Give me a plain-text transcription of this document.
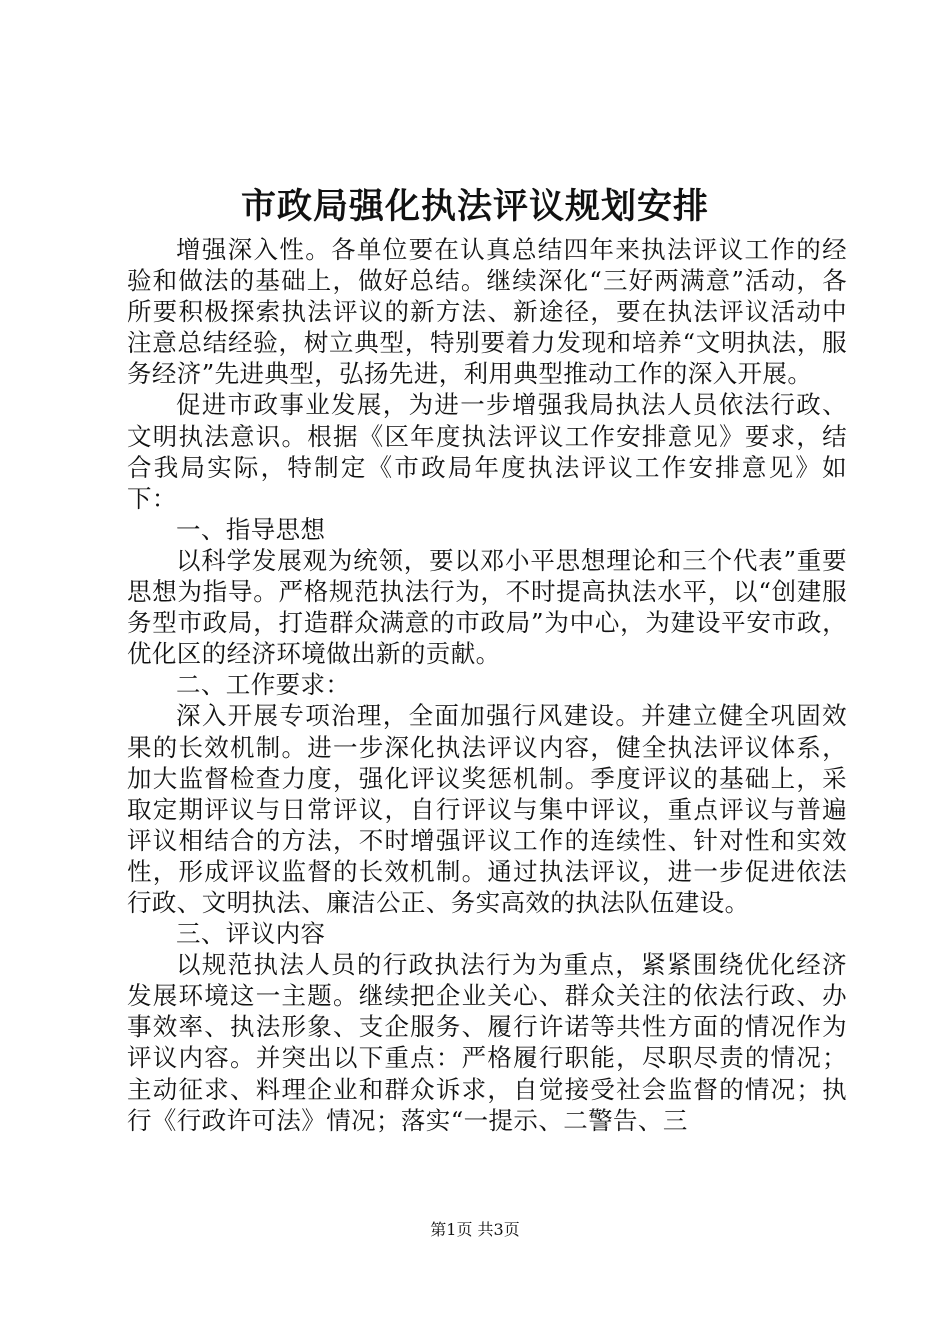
市政局强化执法评议规划安排

增强深入性。各单位要在认真总结四年来执法评议工作的经验和做法的基础上，做好总结。继续深化“三好两满意”活动，各所要积极探索执法评议的新方法、新途径，要在执法评议活动中注意总结经验，树立典型，特别要着力发现和培养“文明执法，服务经济”先进典型，弘扬先进，利用典型推动工作的深入开展。

促进市政事业发展，为进一步增强我局执法人员依法行政、文明执法意识。根据《区年度执法评议工作安排意见》要求，结合我局实际，特制定《市政局年度执法评议工作安排意见》如下：

一、指导思想

以科学发展观为统领，要以邓小平思想理论和三个代表”重要思想为指导。严格规范执法行为，不时提高执法水平，以“创建服务型市政局，打造群众满意的市政局”为中心，为建设平安市政，优化区的经济环境做出新的贡献。

二、工作要求：

深入开展专项治理，全面加强行风建设。并建立健全巩固效果的长效机制。进一步深化执法评议内容，健全执法评议体系，加大监督检查力度，强化评议奖惩机制。季度评议的基础上，采取定期评议与日常评议，自行评议与集中评议，重点评议与普遍评议相结合的方法，不时增强评议工作的连续性、针对性和实效性，形成评议监督的长效机制。通过执法评议，进一步促进依法行政、文明执法、廉洁公正、务实高效的执法队伍建设。

三、评议内容

以规范执法人员的行政执法行为为重点，紧紧围绕优化经济发展环境这一主题。继续把企业关心、群众关注的依法行政、办事效率、执法形象、支企服务、履行许诺等共性方面的情况作为评议内容。并突出以下重点：严格履行职能，尽职尽责的情况；主动征求、料理企业和群众诉求，自觉接受社会监督的情况；执行《行政许可法》情况；落实“一提示、二警告、三

第1页 共3页
